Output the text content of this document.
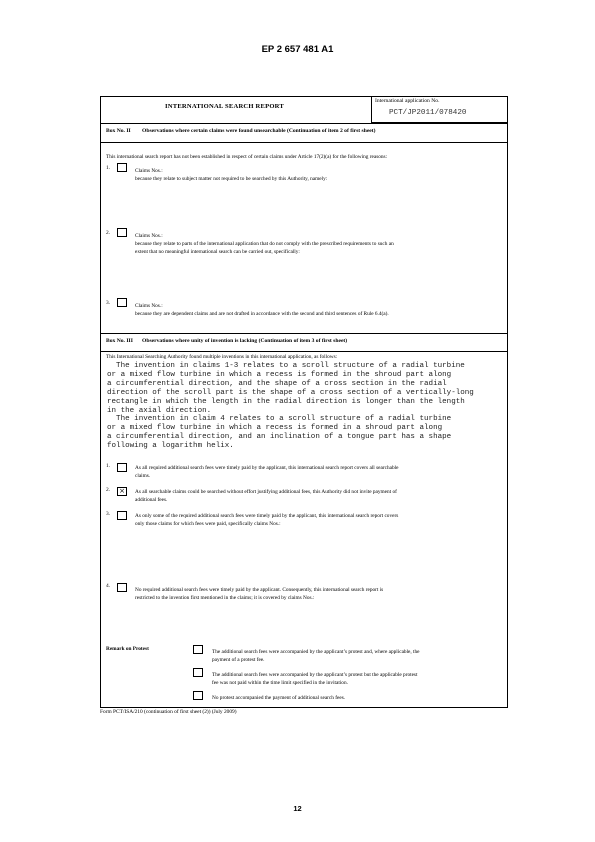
EP 2 657 481 A1
INTERNATIONAL SEARCH REPORT
International application No.
PCT/JP2011/078420
Box No. II Observations where certain claims were found unsearchable (Continuation of item 2 of first sheet)
This international search report has not been established in respect of certain claims under Article 17(2)(a) for the following reasons:
1.	Claims Nos.:
because they relate to subject matter not required to be searched by this Authority, namely:
2.	Claims Nos.:
because they relate to parts of the international application that do not comply with the prescribed requirements to such an
extent that no meaningful international search can be carried out, specifically:
3.	Claims Nos.:
because they are dependent claims and are not drafted in accordance with the second and third sentences of Rule 6.4(a).
Box No. III Observations where unity of invention is lacking (Continuation of item 3 of first sheet)
This International Searching Authority found multiple inventions in this international application, as follows:
The invention in claims 1-3 relates to a scroll structure of a radial turbine
or a mixed flow turbine in which a recess is formed in the shroud part along
a circumferential direction, and the shape of a cross section in the radial
direction of the scroll part is the shape of a cross section of a vertically-long
rectangle in which the length in the radial direction is longer than the length
in the axial direction.
The invention in claim 4 relates to a scroll structure of a radial turbine
or a mixed flow turbine in which a recess is formed in a shroud part along
a circumferential direction, and an inclination of a tongue part has a shape
following a logarithm helix.
1.	As all required additional search fees were timely paid by the applicant, this international search report covers all searchable
claims.
2. ×	As all searchable claims could be searched without effort justifying additional fees, this Authority did not invite payment of
additional fees.
3.	As only some of the required additional search fees were timely paid by the applicant, this international search report covers
only those claims for which fees were paid, specifically claims Nos.:
4.
No required additional search fees were timely paid by the applicant. Consequently, this international search report is
restricted to the invention first mentioned in the claims; it is covered by claims Nos.:
Remark on Protest	The additional search fees were accompanied by the applicant’s protest and, where applicable, the
payment of a protest fee.
The additional search fees were accompanied by the applicant’s protest but the applicable protest
fee was not paid within the time limit specified in the invitation.
No protest accompanied the payment of additional search fees.
Form PCT/ISA/210 (continuation of first sheet (2)) (July 2009)
12
